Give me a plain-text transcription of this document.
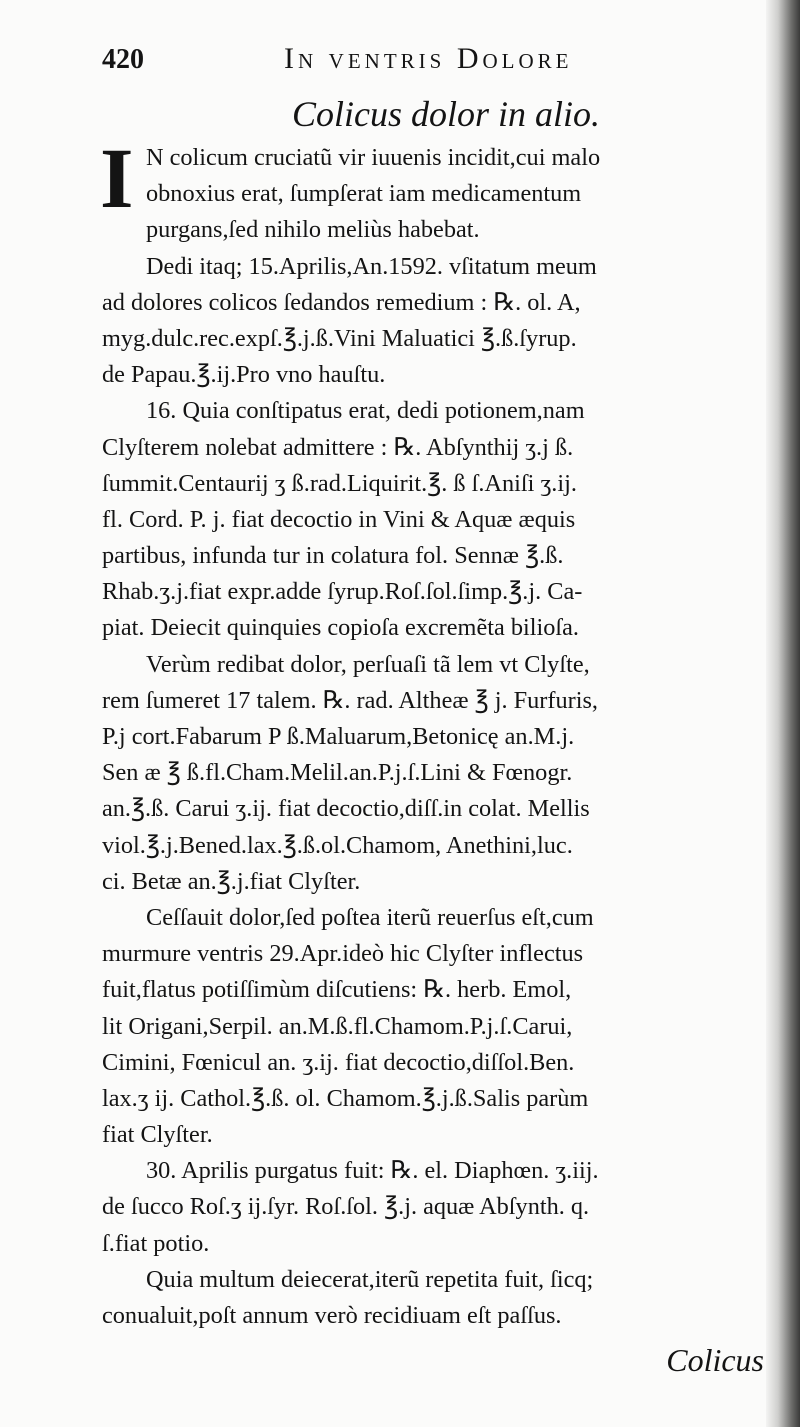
420	In ventris Dolore
Colicus dolor in alio.
I N colicum cruciatũ vir iuuenis incidit,cui malo
obnoxius erat, ſumpſerat iam medicamentum
purgans,ſed nihilo meliùs habebat.
Dedi itaq; 15.Aprilis,An.1592. vſitatum meum
ad dolores colicos ſedandos remedium : ℞. ol. A,
myg.dulc.rec.expſ.℥.j.ß.Vini Maluatici ℥.ß.ſyrup.
de Papau.℥.ij.Pro vno hauſtu.
16. Quia conſtipatus erat, dedi potionem,nam
Clyſterem nolebat admittere : ℞. Abſynthij ʒ.j ß.
ſummit.Centaurij ʒ ß.rad.Liquirit.℥. ß ſ.Aniſi ʒ.ij.
fl. Cord. P. j. fiat decoctio in Vini & Aquæ æquis
partibus, infunda tur in colatura fol. Sennæ ℥.ß.
Rhab.ʒ.j.fiat expr.adde ſyrup.Roſ.ſol.ſimp.℥.j. Ca-
piat. Deiecit quinquies copioſa excremẽta bilioſa.
Verùm redibat dolor, perſuaſi tã lem vt Clyſte,
rem ſumeret 17 talem. ℞. rad. Altheæ ℥ j. Furfuris,
P.j cort.Fabarum P ß.Maluarum,Betonicę an.M.j.
Sen æ ℥ ß.fl.Cham.Melil.an.P.j.ſ.Lini & Fœnogr.
an.℥.ß. Carui ʒ.ij. fiat decoctio,diſſ.in colat. Mellis
viol.℥.j.Bened.lax.℥.ß.ol.Chamom, Anethini,luc.
ci. Betæ an.℥.j.fiat Clyſter.
Ceſſauit dolor,ſed poſtea iterũ reuerſus eſt,cum
murmure ventris 29.Apr.ideò hic Clyſter inflectus
fuit,flatus potiſſimùm diſcutiens: ℞. herb. Emol,
lit Origani,Serpil. an.M.ß.fl.Chamom.P.j.ſ.Carui,
Cimini, Fœnicul an. ʒ.ij. fiat decoctio,diſſol.Ben.
lax.ʒ ij. Cathol.℥.ß. ol. Chamom.℥.j.ß.Salis parùm
fiat Clyſter.
30. Aprilis purgatus fuit: ℞. el. Diaphœn. ʒ.iij.
de ſucco Roſ.ʒ ij.ſyr. Roſ.ſol. ℥.j. aquæ Abſynth. q.
ſ.fiat potio.
Quia multum deiecerat,iterũ repetita fuit, ſicq;
conualuit,poſt annum verò recidiuam eſt paſſus.
Colicus
